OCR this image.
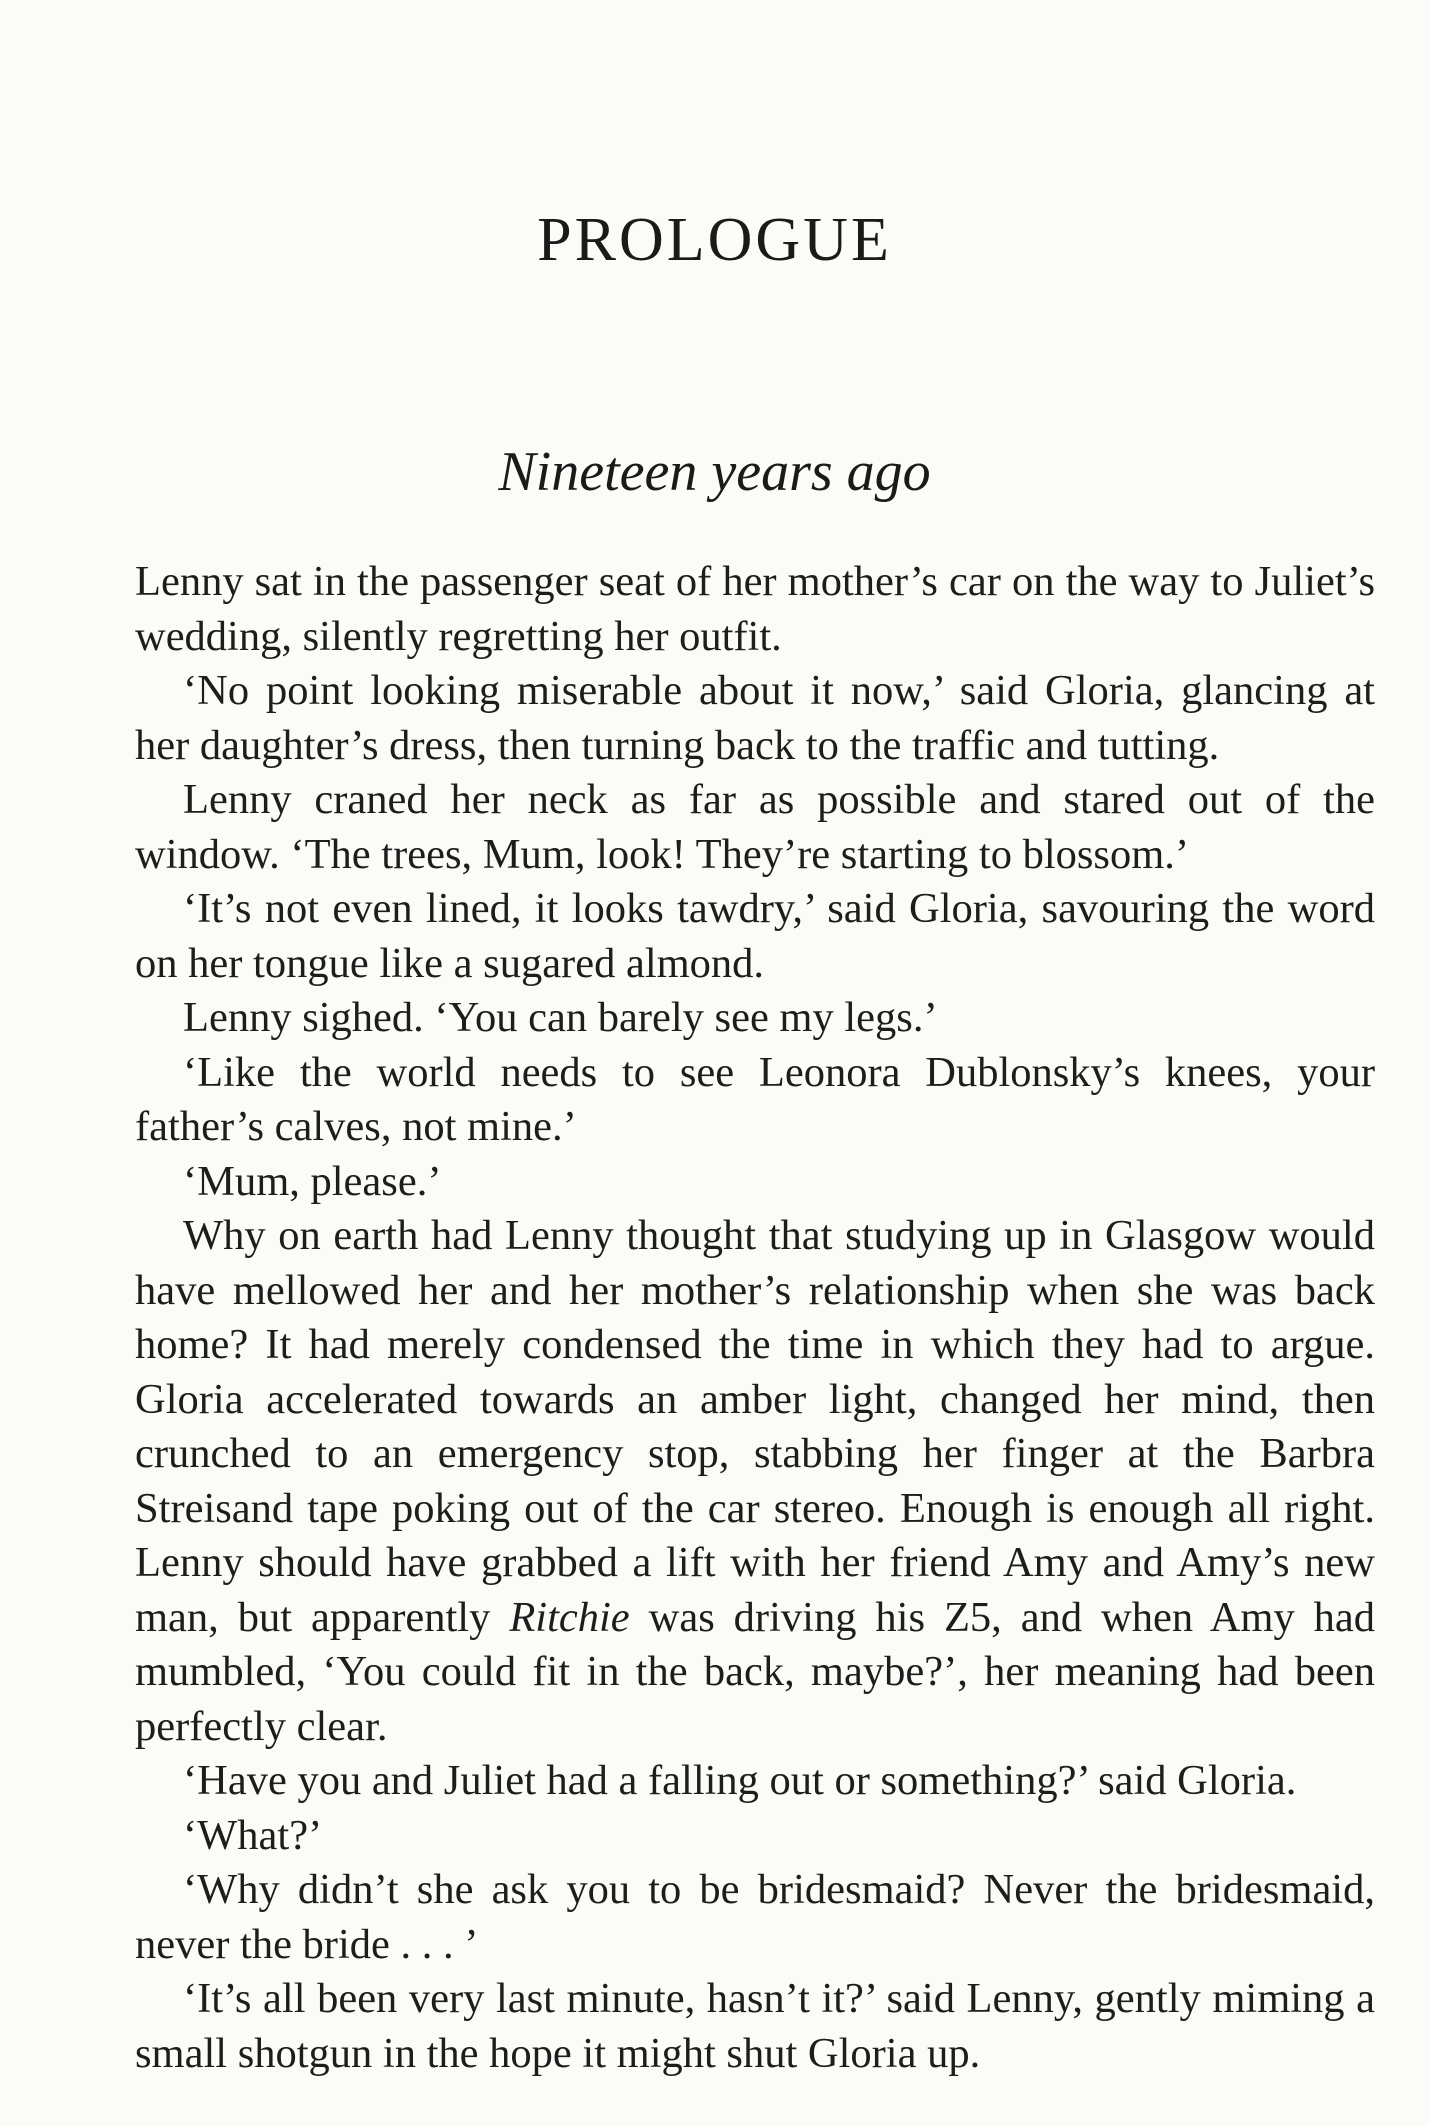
PROLOGUE
Nineteen years ago

Lenny sat in the passenger seat of her mother’s car on the way to Juliet’s wedding, silently regretting her outfit.

‘No point looking miserable about it now,’ said Gloria, glancing at her daughter’s dress, then turning back to the traffic and tutting.

Lenny craned her neck as far as possible and stared out of the window. ‘The trees, Mum, look! They’re starting to blossom.’

‘It’s not even lined, it looks tawdry,’ said Gloria, savouring the word on her tongue like a sugared almond.

Lenny sighed. ‘You can barely see my legs.’

‘Like the world needs to see Leonora Dublonsky’s knees, your father’s calves, not mine.’

‘Mum, please.’

Why on earth had Lenny thought that studying up in Glasgow would have mellowed her and her mother’s relationship when she was back home? It had merely condensed the time in which they had to argue. Gloria accelerated towards an amber light, changed her mind, then crunched to an emergency stop, stabbing her finger at the Barbra Streisand tape poking out of the car stereo. Enough is enough all right. Lenny should have grabbed a lift with her friend Amy and Amy’s new man, but apparently Ritchie was driving his Z5, and when Amy had mumbled, ‘You could fit in the back, maybe?’, her meaning had been perfectly clear.

‘Have you and Juliet had a falling out or something?’ said Gloria.

‘What?’

‘Why didn’t she ask you to be bridesmaid? Never the bridesmaid, never the bride . . . ’

‘It’s all been very last minute, hasn’t it?’ said Lenny, gently miming a small shotgun in the hope it might shut Gloria up.
